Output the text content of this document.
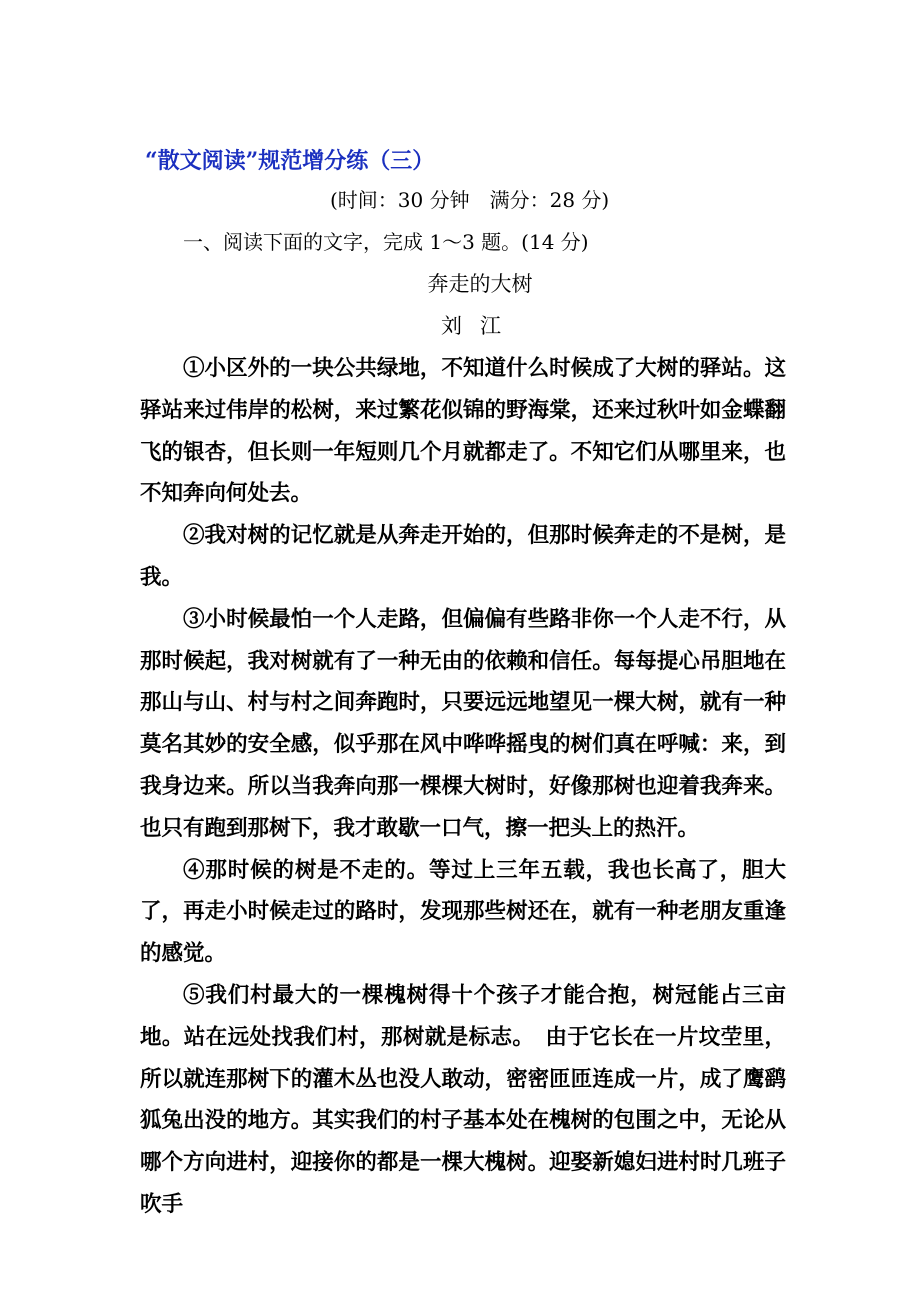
“散文阅读”规范增分练（三）
(时间：30 分钟　满分：28 分)
一、阅读下面的文字，完成 1～3 题。(14 分)
奔走的大树
刘江

①小区外的一块公共绿地，不知道什么时候成了大树的驿站。这驿站来过伟岸的松树，来过繁花似锦的野海棠，还来过秋叶如金蝶翻飞的银杏，但长则一年短则几个月就都走了。不知它们从哪里来，也不知奔向何处去。

②我对树的记忆就是从奔走开始的，但那时候奔走的不是树，是我。

③小时候最怕一个人走路，但偏偏有些路非你一个人走不行，从那时候起，我对树就有了一种无由的依赖和信任。每每提心吊胆地在那山与山、村与村之间奔跑时，只要远远地望见一棵大树，就有一种莫名其妙的安全感，似乎那在风中哗哗摇曳的树们真在呼喊：来，到我身边来。所以当我奔向那一棵棵大树时，好像那树也迎着我奔来。也只有跑到那树下，我才敢歇一口气，擦一把头上的热汗。

④那时候的树是不走的。等过上三年五载，我也长高了，胆大了，再走小时候走过的路时，发现那些树还在，就有一种老朋友重逢的感觉。

⑤我们村最大的一棵槐树得十个孩子才能合抱，树冠能占三亩地。站在远处找我们村，那树就是标志。　由于它长在一片坟茔里，所以就连那树下的灌木丛也没人敢动，密密匝匝连成一片，成了鹰鹞狐兔出没的地方。其实我们的村子基本处在槐树的包围之中，无论从哪个方向进村，迎接你的都是一棵大槐树。迎娶新媳妇进村时几班子吹手
